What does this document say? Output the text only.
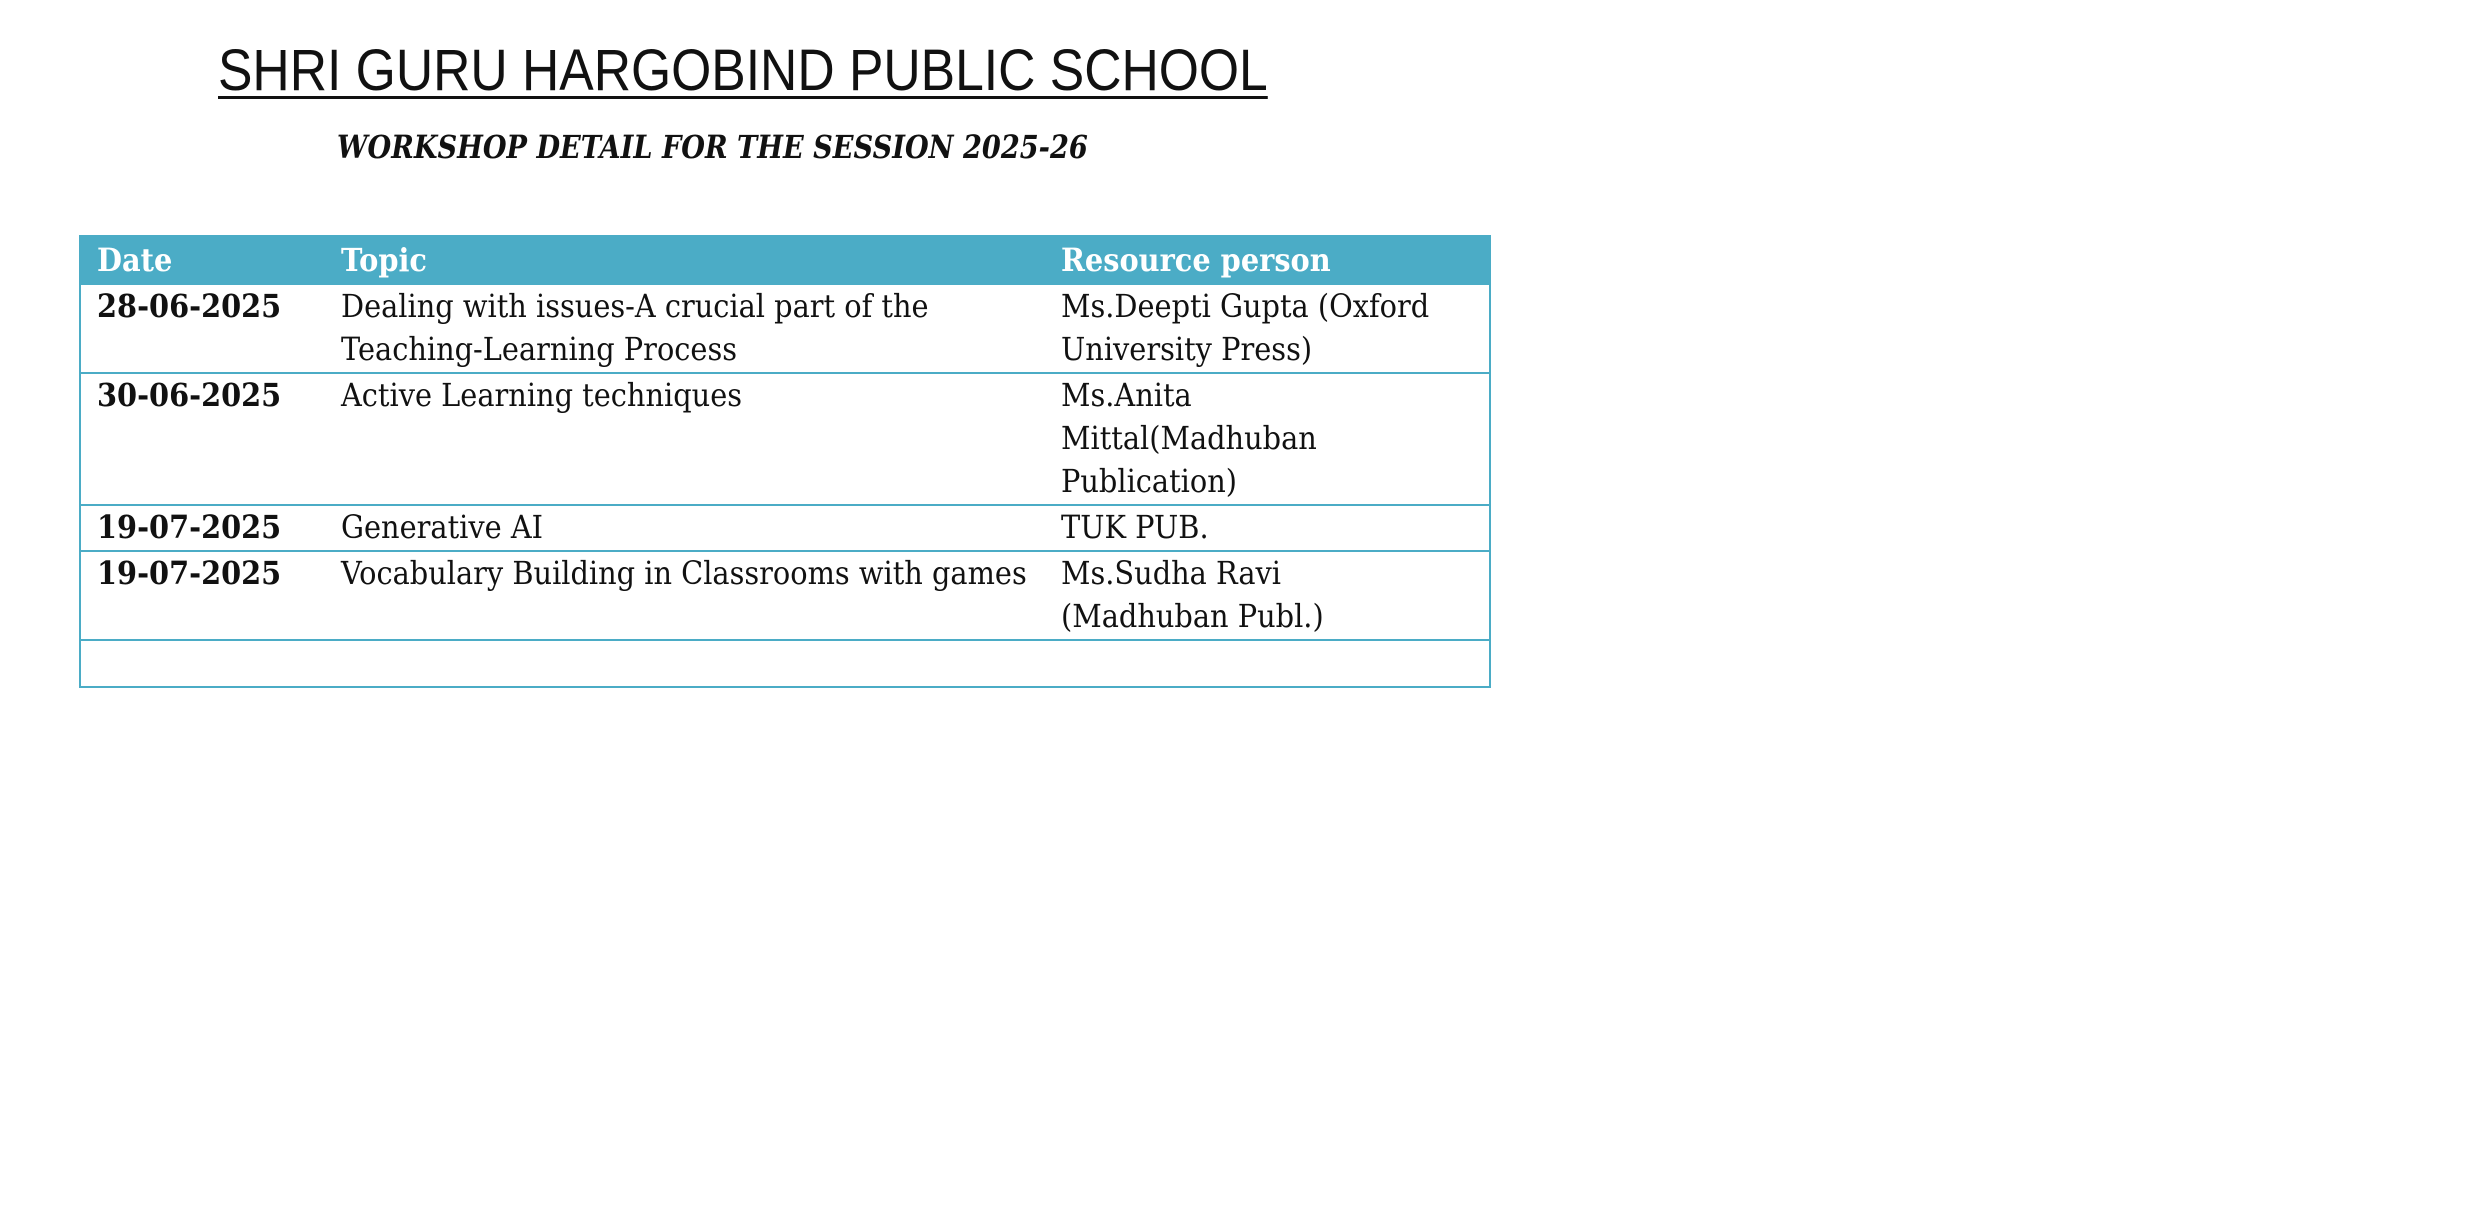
SHRI GURU HARGOBIND PUBLIC SCHOOL
WORKSHOP DETAIL FOR THE SESSION 2025-26
Date	Topic	Resource person

28-06-2025	Dealing with issues-A crucial part of the Teaching-Learning Process	Ms.Deepti Gupta (Oxford University Press)

30-06-2025	Active Learning techniques	Ms.Anita Mittal(Madhuban Publication)

19-07-2025	Generative AI	TUK PUB.

19-07-2025	Vocabulary Building in Classrooms with games	Ms.Sudha Ravi (Madhuban Publ.)
